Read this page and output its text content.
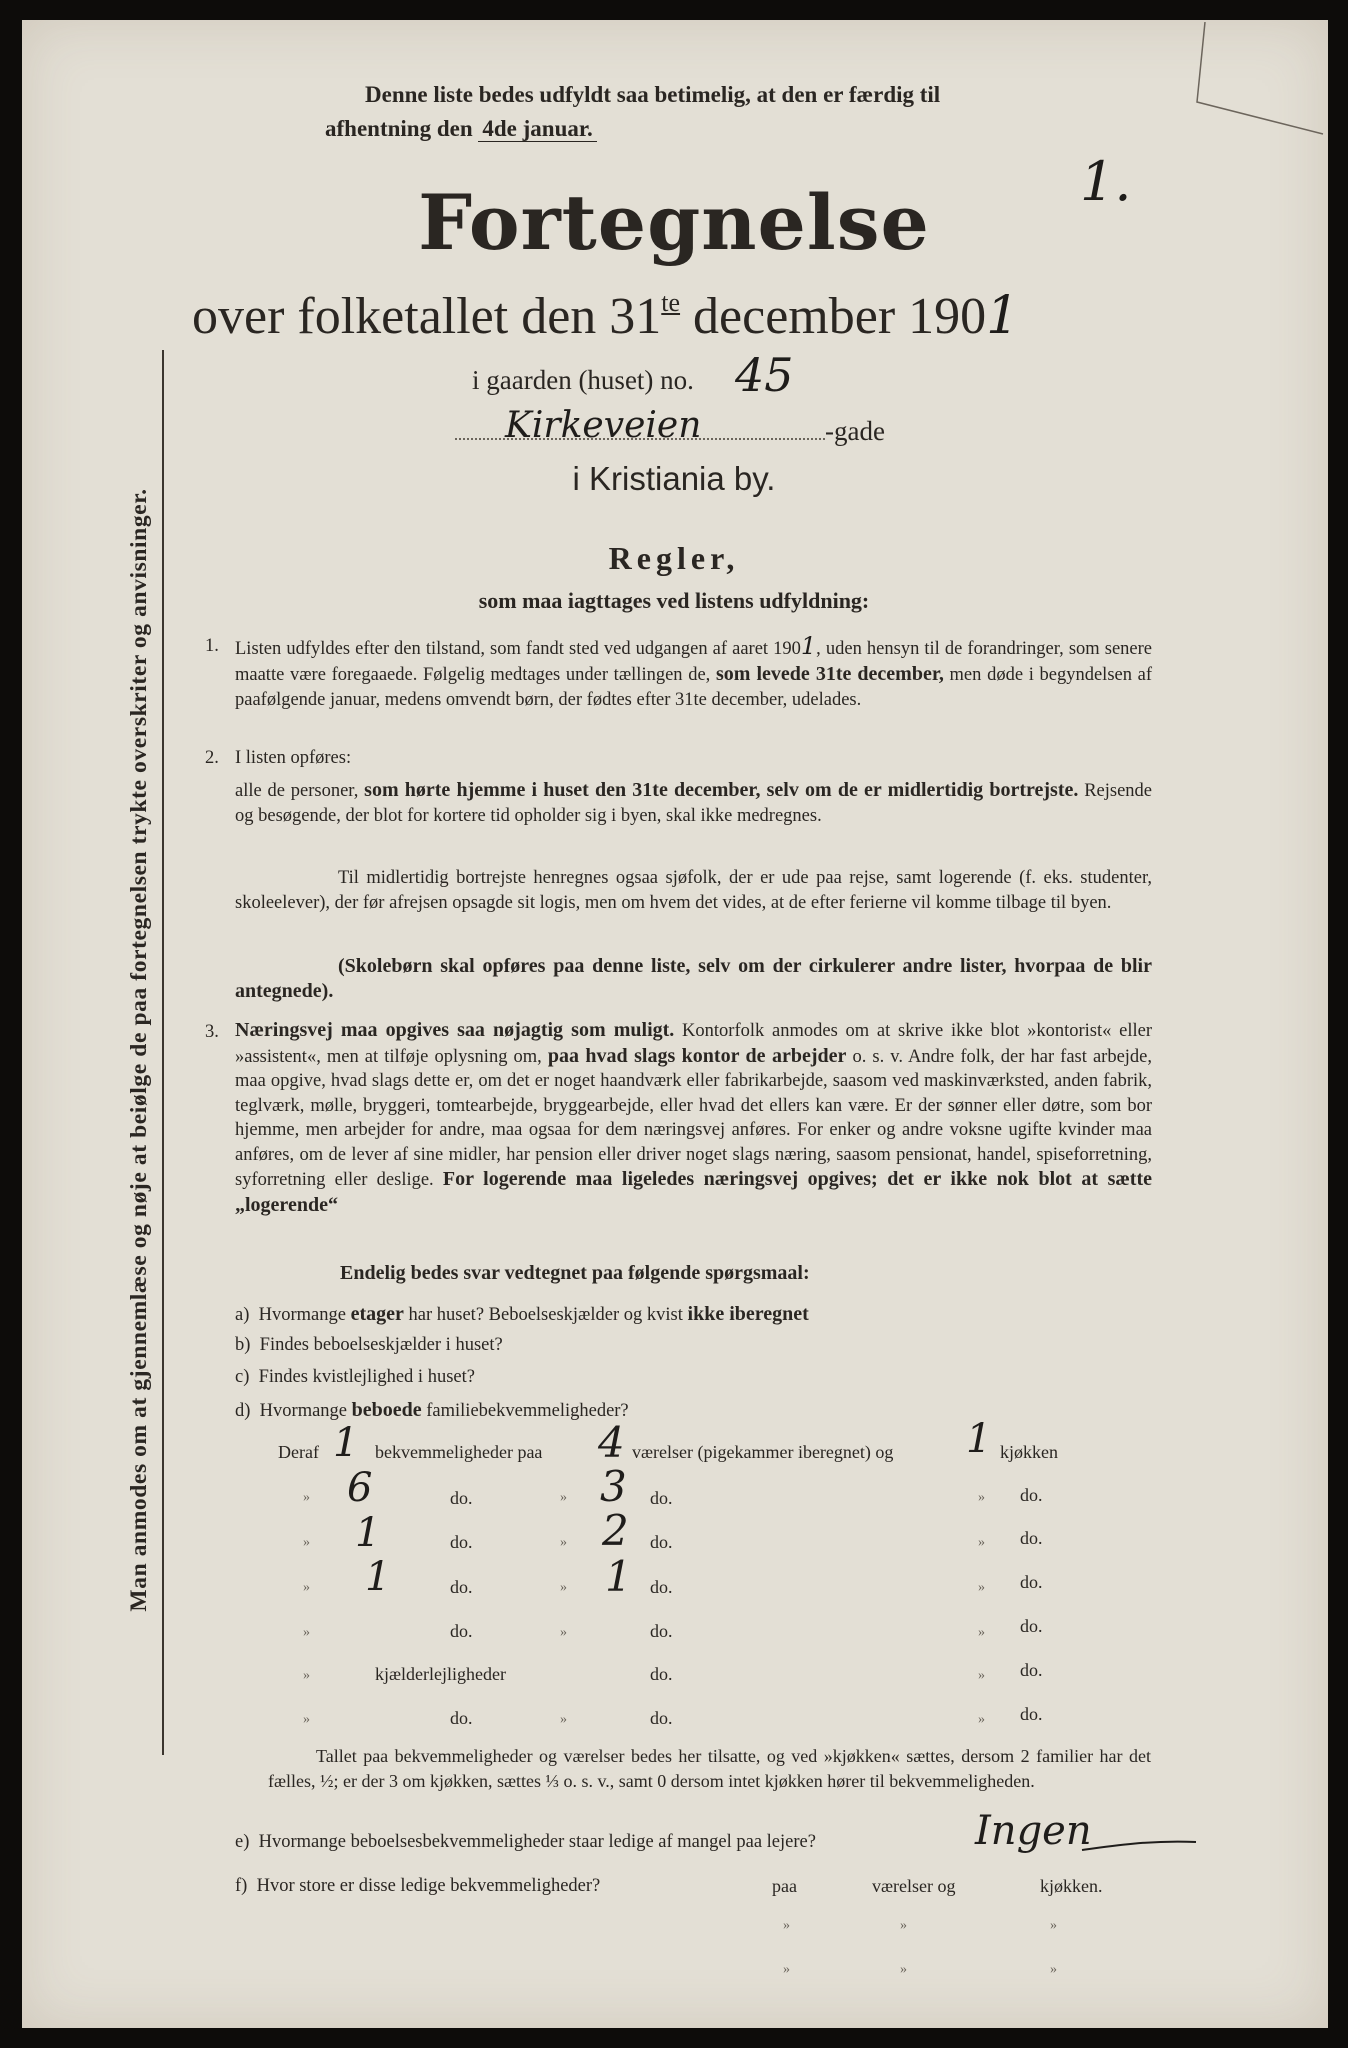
Man anmodes om at gjennemlæse og nøje at beiølge de paa fortegnelsen trykte overskriter og anvisninger.
Denne liste bedes udfyldt saa betimelig, at den er færdig til
afhentning den 4de januar.
1.
Fortegnelse
over folketallet den $31^{te}$ december 1901
i gaarden (huset) no. 45
Kirkeveien	-gade
i Kristiania by.
Regler,
som maa iagttages ved listens udfyldning:
1. Listen udfyldes efter den tilstand, som fandt sted ved udgangen af aaret 1901, uden hensyn til de forandringer, som senere maatte være foregaaede. Følgelig medtages under tællingen de, som levede 31te december, men døde i begyndelsen af paafølgende januar, medens omvendt børn, der fødtes efter 31te december, udelades.
2. I listen opføres:
alle de personer, som hørte hjemme i huset den 31te december, selv om de er midlertidig bortrejste. Rejsende og besøgende, der blot for kortere tid opholder sig i byen, skal ikke medregnes.
Til midlertidig bortrejste henregnes ogsaa sjøfolk, der er ude paa rejse, samt logerende (f. eks. studenter, skoleelever), der før afrejsen opsagde sit logis, men om hvem det vides, at de efter ferierne vil komme tilbage til byen.
(Skolebørn skal opføres paa denne liste, selv om der cirkulerer andre lister, hvorpaa de blir antegnede).
3. Næringsvej maa opgives saa nøjagtig som muligt. Kontorfolk anmodes om at skrive ikke blot »kontorist« eller »assistent«, men at tilføje oplysning om, paa hvad slags kontor de arbejder o. s. v. Andre folk, der har fast arbejde, maa opgive, hvad slags dette er, om det er noget haandværk eller fabrikarbejde, saasom ved maskinværksted, anden fabrik, teglværk, mølle, bryggeri, tomtearbejde, bryggearbejde, eller hvad det ellers kan være. Er der sønner eller døtre, som bor hjemme, men arbejder for andre, maa ogsaa for dem næringsvej anføres. For enker og andre voksne ugifte kvinder maa anføres, om de lever af sine midler, har pension eller driver noget slags næring, saasom pensionat, handel, spiseforretning, syforretning eller deslige. For logerende maa ligeledes næringsvej opgives; det er ikke nok blot at sætte „logerende“
Endelig bedes svar vedtegnet paa følgende spørgsmaal:
a) Hvormange etager har huset? Beboelseskjælder og kvist ikke iberegnet
b) Findes beboelseskjælder i huset?
c) Findes kvistlejlighed i huset?
d) Hvormange beboede familiebekvemmeligheder?
Deraf 1 bekvemmeligheder paa 4 værelser (pigekammer iberegnet) og 1 kjøkken
» 6	do.	» 3 do.	» do.
» 1	do.	» 2 do.	» do.
» 1	do.	» 1 do.	» do.
»	do.	»	do.	» do.
»	kjælderlejligheder	do.	» do.
»	do.	»	do.	» do.
Tallet paa bekvemmeligheder og værelser bedes her tilsatte, og ved »kjøkken« sættes, dersom 2 familier har det fælles, ½; er der 3 om kjøkken, sættes ⅓ o. s. v., samt 0 dersom intet kjøkken hører til bekvemmeligheden.
e) Hvormange beboelsesbekvemmeligheder staar ledige af mangel paa lejere?	Ingen
f) Hvor store er disse ledige bekvemmeligheder?	paa	værelser og	kjøkken.
»	»	»
»	»	»
